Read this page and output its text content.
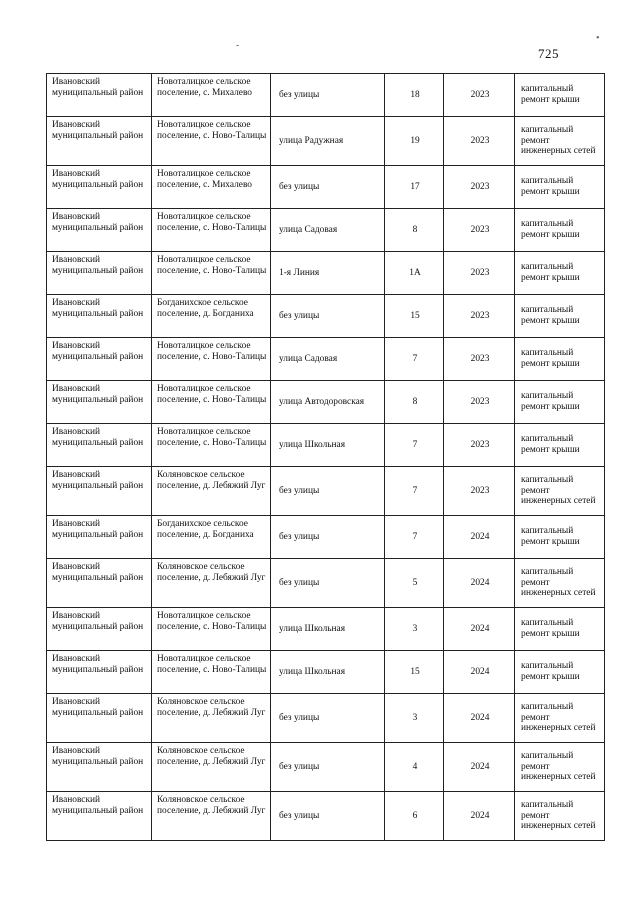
725
-
•
Ивановский муниципальный район	Новоталицкое сельское поселение, с. Михалево	без улицы	18	2023	капитальный ремонт крыши
Ивановский муниципальный район	Новоталицкое сельское поселение, с. Ново-Талицы	улица Радужная	19	2023	капитальный ремонт инженерных сетей
Ивановский муниципальный район	Новоталицкое сельское поселение, с. Михалево	без улицы	17	2023	капитальный ремонт крыши
Ивановский муниципальный район	Новоталицкое сельское поселение, с. Ново-Талицы	улица Садовая	8	2023	капитальный ремонт крыши
Ивановский муниципальный район	Новоталицкое сельское поселение, с. Ново-Талицы	1-я Линия	1А	2023	капитальный ремонт крыши
Ивановский муниципальный район	Богданихское сельское поселение, д. Богданиха	без улицы	15	2023	капитальный ремонт крыши
Ивановский муниципальный район	Новоталицкое сельское поселение, с. Ново-Талицы	улица Садовая	7	2023	капитальный ремонт крыши
Ивановский муниципальный район	Новоталицкое сельское поселение, с. Ново-Талицы	улица Автодоровская	8	2023	капитальный ремонт крыши
Ивановский муниципальный район	Новоталицкое сельское поселение, с. Ново-Талицы	улица Школьная	7	2023	капитальный ремонт крыши
Ивановский муниципальный район	Коляновское сельское поселение, д. Лебяжий Луг	без улицы	7	2023	капитальный ремонт инженерных сетей
Ивановский муниципальный район	Богданихское сельское поселение, д. Богданиха	без улицы	7	2024	капитальный ремонт крыши
Ивановский муниципальный район	Коляновское сельское поселение, д. Лебяжий Луг	без улицы	5	2024	капитальный ремонт инженерных сетей
Ивановский муниципальный район	Новоталицкое сельское поселение, с. Ново-Талицы	улица Школьная	3	2024	капитальный ремонт крыши
Ивановский муниципальный район	Новоталицкое сельское поселение, с. Ново-Талицы	улица Школьная	15	2024	капитальный ремонт крыши
Ивановский муниципальный район	Коляновское сельское поселение, д. Лебяжий Луг	без улицы	3	2024	капитальный ремонт инженерных сетей
Ивановский муниципальный район	Коляновское сельское поселение, д. Лебяжий Луг	без улицы	4	2024	капитальный ремонт инженерных сетей
Ивановский муниципальный район	Коляновское сельское поселение, д. Лебяжий Луг	без улицы	6	2024	капитальный ремонт инженерных сетей
